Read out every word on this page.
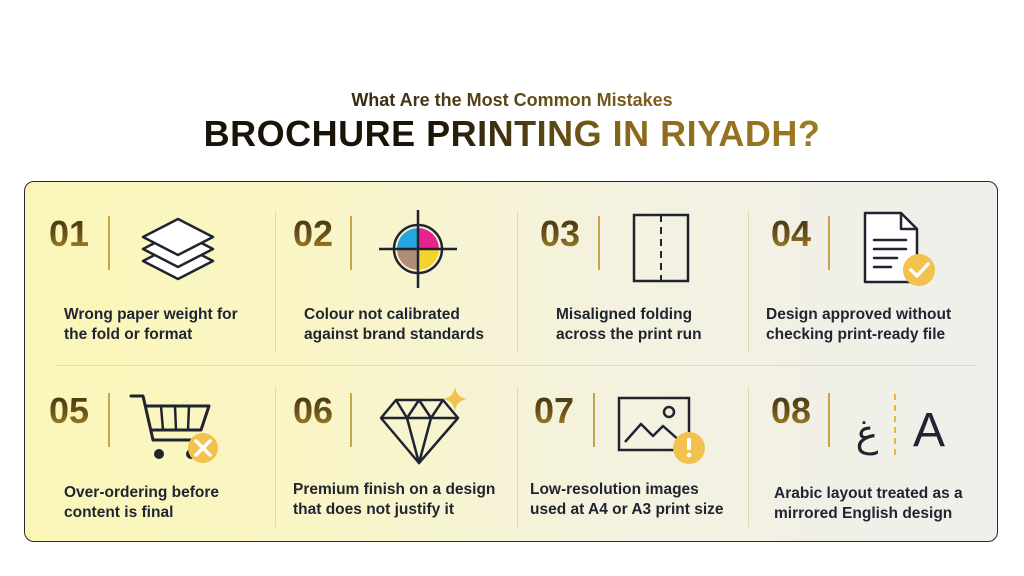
What Are the Most Common Mistakes
BROCHURE PRINTING IN RIYADH?
01
Wrong paper weight for
the fold or format
02
Colour not calibrated
against brand standards
03
Misaligned folding
across the print run
04
Design approved without
checking print-ready file
05
Over-ordering before
content is final
06
Premium finish on a design
that does not justify it
07
Low-resolution images
used at A4 or A3 print size
08
غ A
Arabic layout treated as a
mirrored English design
